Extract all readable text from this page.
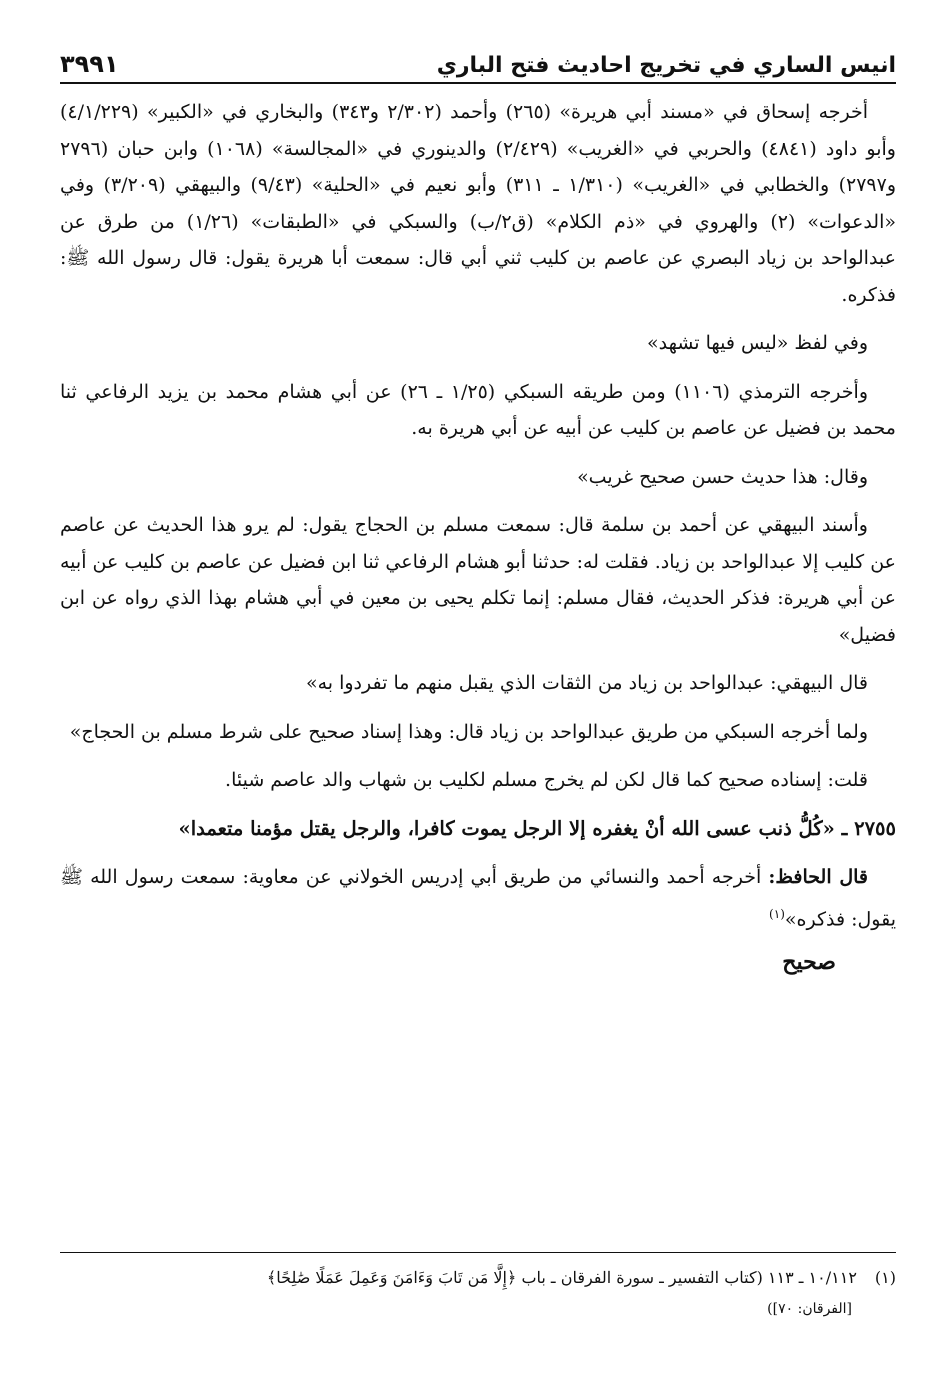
انيس الساري في تخريج احاديث فتح الباري
٣٩٩١

أخرجه إسحاق في «مسند أبي هريرة» (٢٦٥) وأحمد (٢/٣٠٢ و٣٤٣) والبخاري في «الكبير» (٤/١/٢٢٩) وأبو داود (٤٨٤١) والحربي في «الغريب» (٢/٤٢٩) والدينوري في «المجالسة» (١٠٦٨) وابن حبان (٢٧٩٦ و٢٧٩٧) والخطابي في «الغريب» (١/٣١٠ ـ ٣١١) وأبو نعيم في «الحلية» (٩/٤٣) والبيهقي (٣/٢٠٩) وفي «الدعوات» (٢) والهروي في «ذم الكلام» (ق٢/ب) والسبكي في «الطبقات» (١/٢٦) من طرق عن عبدالواحد بن زياد البصري عن عاصم بن كليب ثني أبي قال: سمعت أبا هريرة يقول: قال رسول الله ﷺ: فذكره.

وفي لفظ «ليس فيها تشهد»

وأخرجه الترمذي (١١٠٦) ومن طريقه السبكي (١/٢٥ ـ ٢٦) عن أبي هشام محمد بن يزيد الرفاعي ثنا محمد بن فضيل عن عاصم بن كليب عن أبيه عن أبي هريرة به.

وقال: هذا حديث حسن صحيح غريب»

وأسند البيهقي عن أحمد بن سلمة قال: سمعت مسلم بن الحجاج يقول: لم يرو هذا الحديث عن عاصم عن كليب إلا عبدالواحد بن زياد. فقلت له: حدثنا أبو هشام الرفاعي ثنا ابن فضيل عن عاصم بن كليب عن أبيه عن أبي هريرة: فذكر الحديث، فقال مسلم: إنما تكلم يحيى بن معين في أبي هشام بهذا الذي رواه عن ابن فضيل»

قال البيهقي: عبدالواحد بن زياد من الثقات الذي يقبل منهم ما تفردوا به»

ولما أخرجه السبكي من طريق عبدالواحد بن زياد قال: وهذا إسناد صحيح على شرط مسلم بن الحجاج»

قلت: إسناده صحيح كما قال لكن لم يخرج مسلم لكليب بن شهاب والد عاصم شيئا.

٢٧٥٥ ـ «كُلُّ ذنب عسى الله أنْ يغفره إلا الرجل يموت كافرا، والرجل يقتل مؤمنا متعمدا»

قال الحافظ: أخرجه أحمد والنسائي من طريق أبي إدريس الخولاني عن معاوية: سمعت رسول الله ﷺ يقول: فذكره»$^{(١)}$

صحيح
(١)١٠/١١٢ ـ ١١٣ (كتاب التفسير ـ سورة الفرقان ـ باب ﴿إِلَّا مَن تَابَ وَءَامَنَ وَعَمِلَ عَمَلًا صَٰلِحًا﴾
[الفرقان: ٧٠])
